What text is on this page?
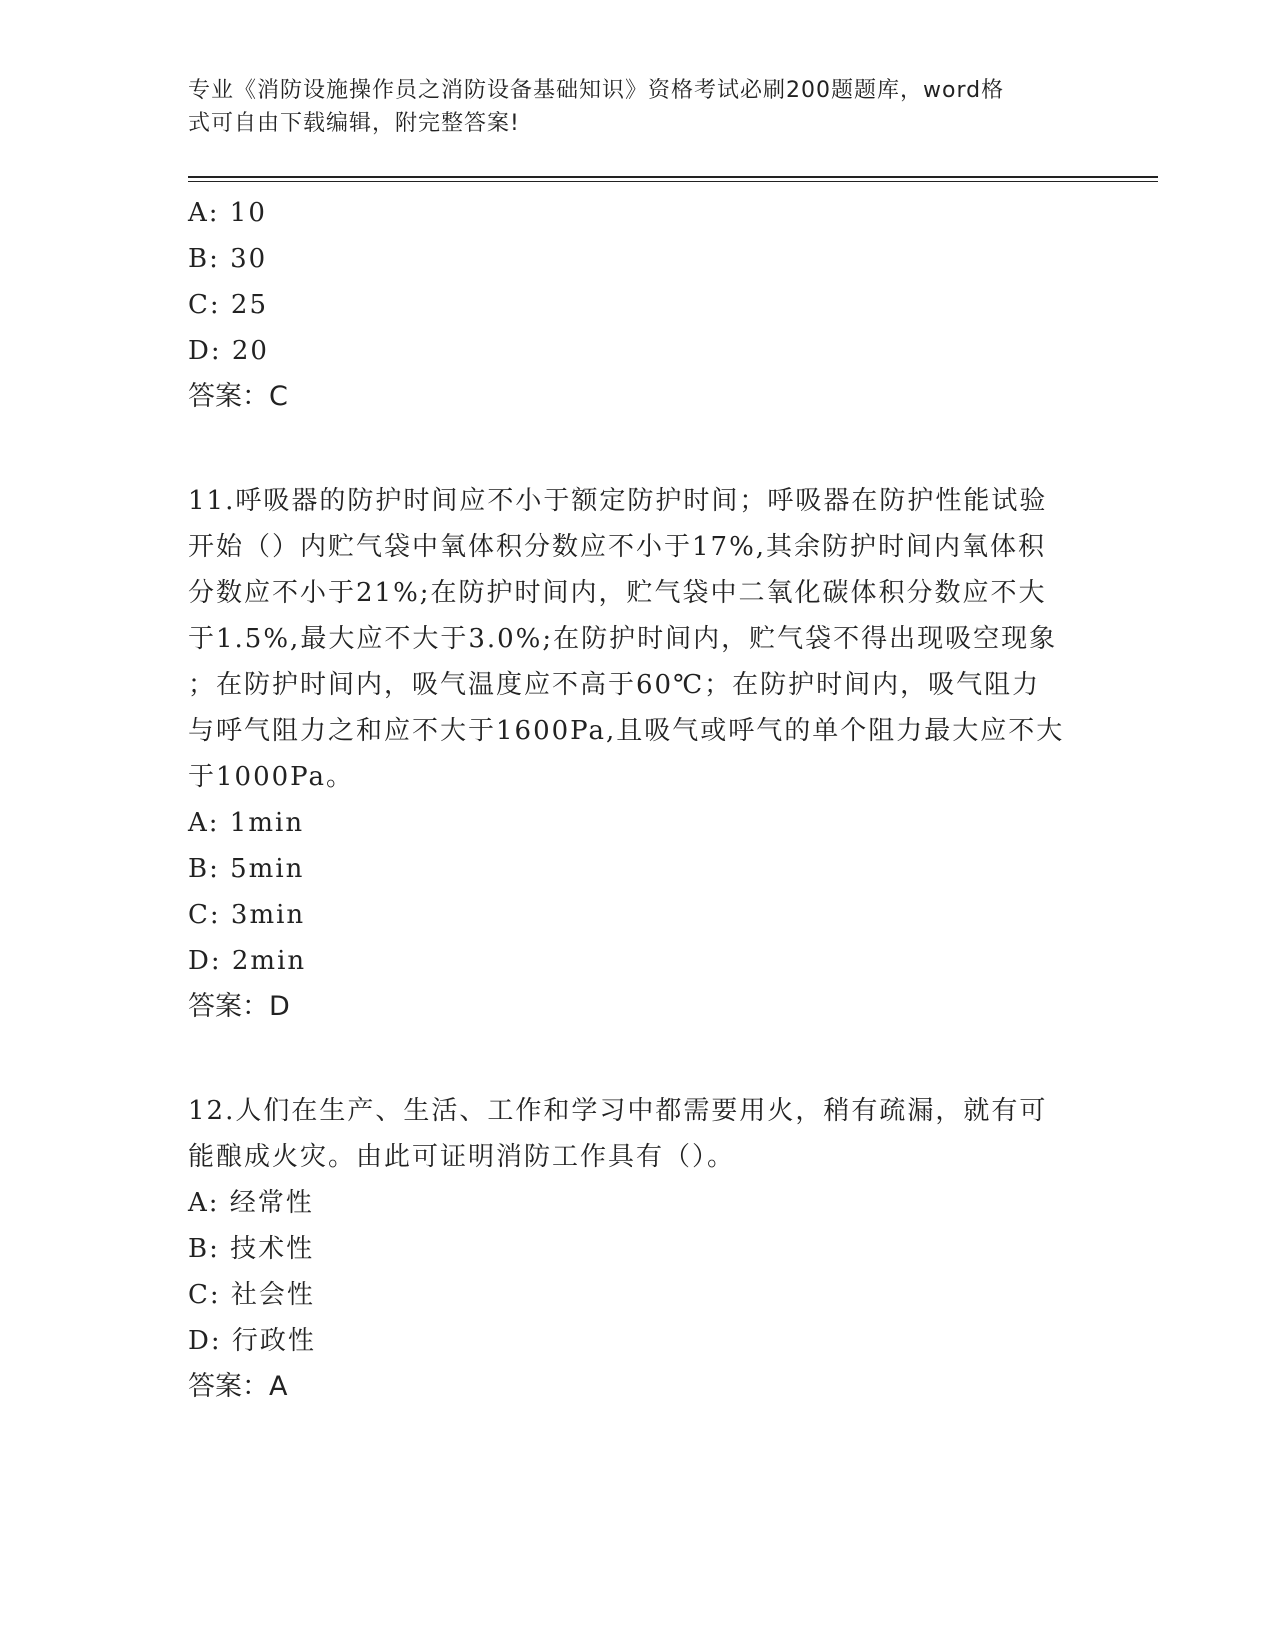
专业《消防设施操作员之消防设备基础知识》资格考试必刷200题题库，word格
式可自由下载编辑，附完整答案!
A: 10
B: 30
C: 25
D: 20
答案：C
11.呼吸器的防护时间应不小于额定防护时间；呼吸器在防护性能试验
开始（）内贮气袋中氧体积分数应不小于17%,其余防护时间内氧体积
分数应不小于21%;在防护时间内，贮气袋中二氧化碳体积分数应不大
于1.5%,最大应不大于3.0%;在防护时间内，贮气袋不得出现吸空现象
；在防护时间内，吸气温度应不高于60℃；在防护时间内，吸气阻力
与呼气阻力之和应不大于1600Pa,且吸气或呼气的单个阻力最大应不大
于1000Pa。
A: 1min
B: 5min
C: 3min
D: 2min
答案：D
12.人们在生产、生活、工作和学习中都需要用火，稍有疏漏，就有可
能酿成火灾。由此可证明消防工作具有（）。
A: 经常性
B: 技术性
C: 社会性
D: 行政性
答案：A
